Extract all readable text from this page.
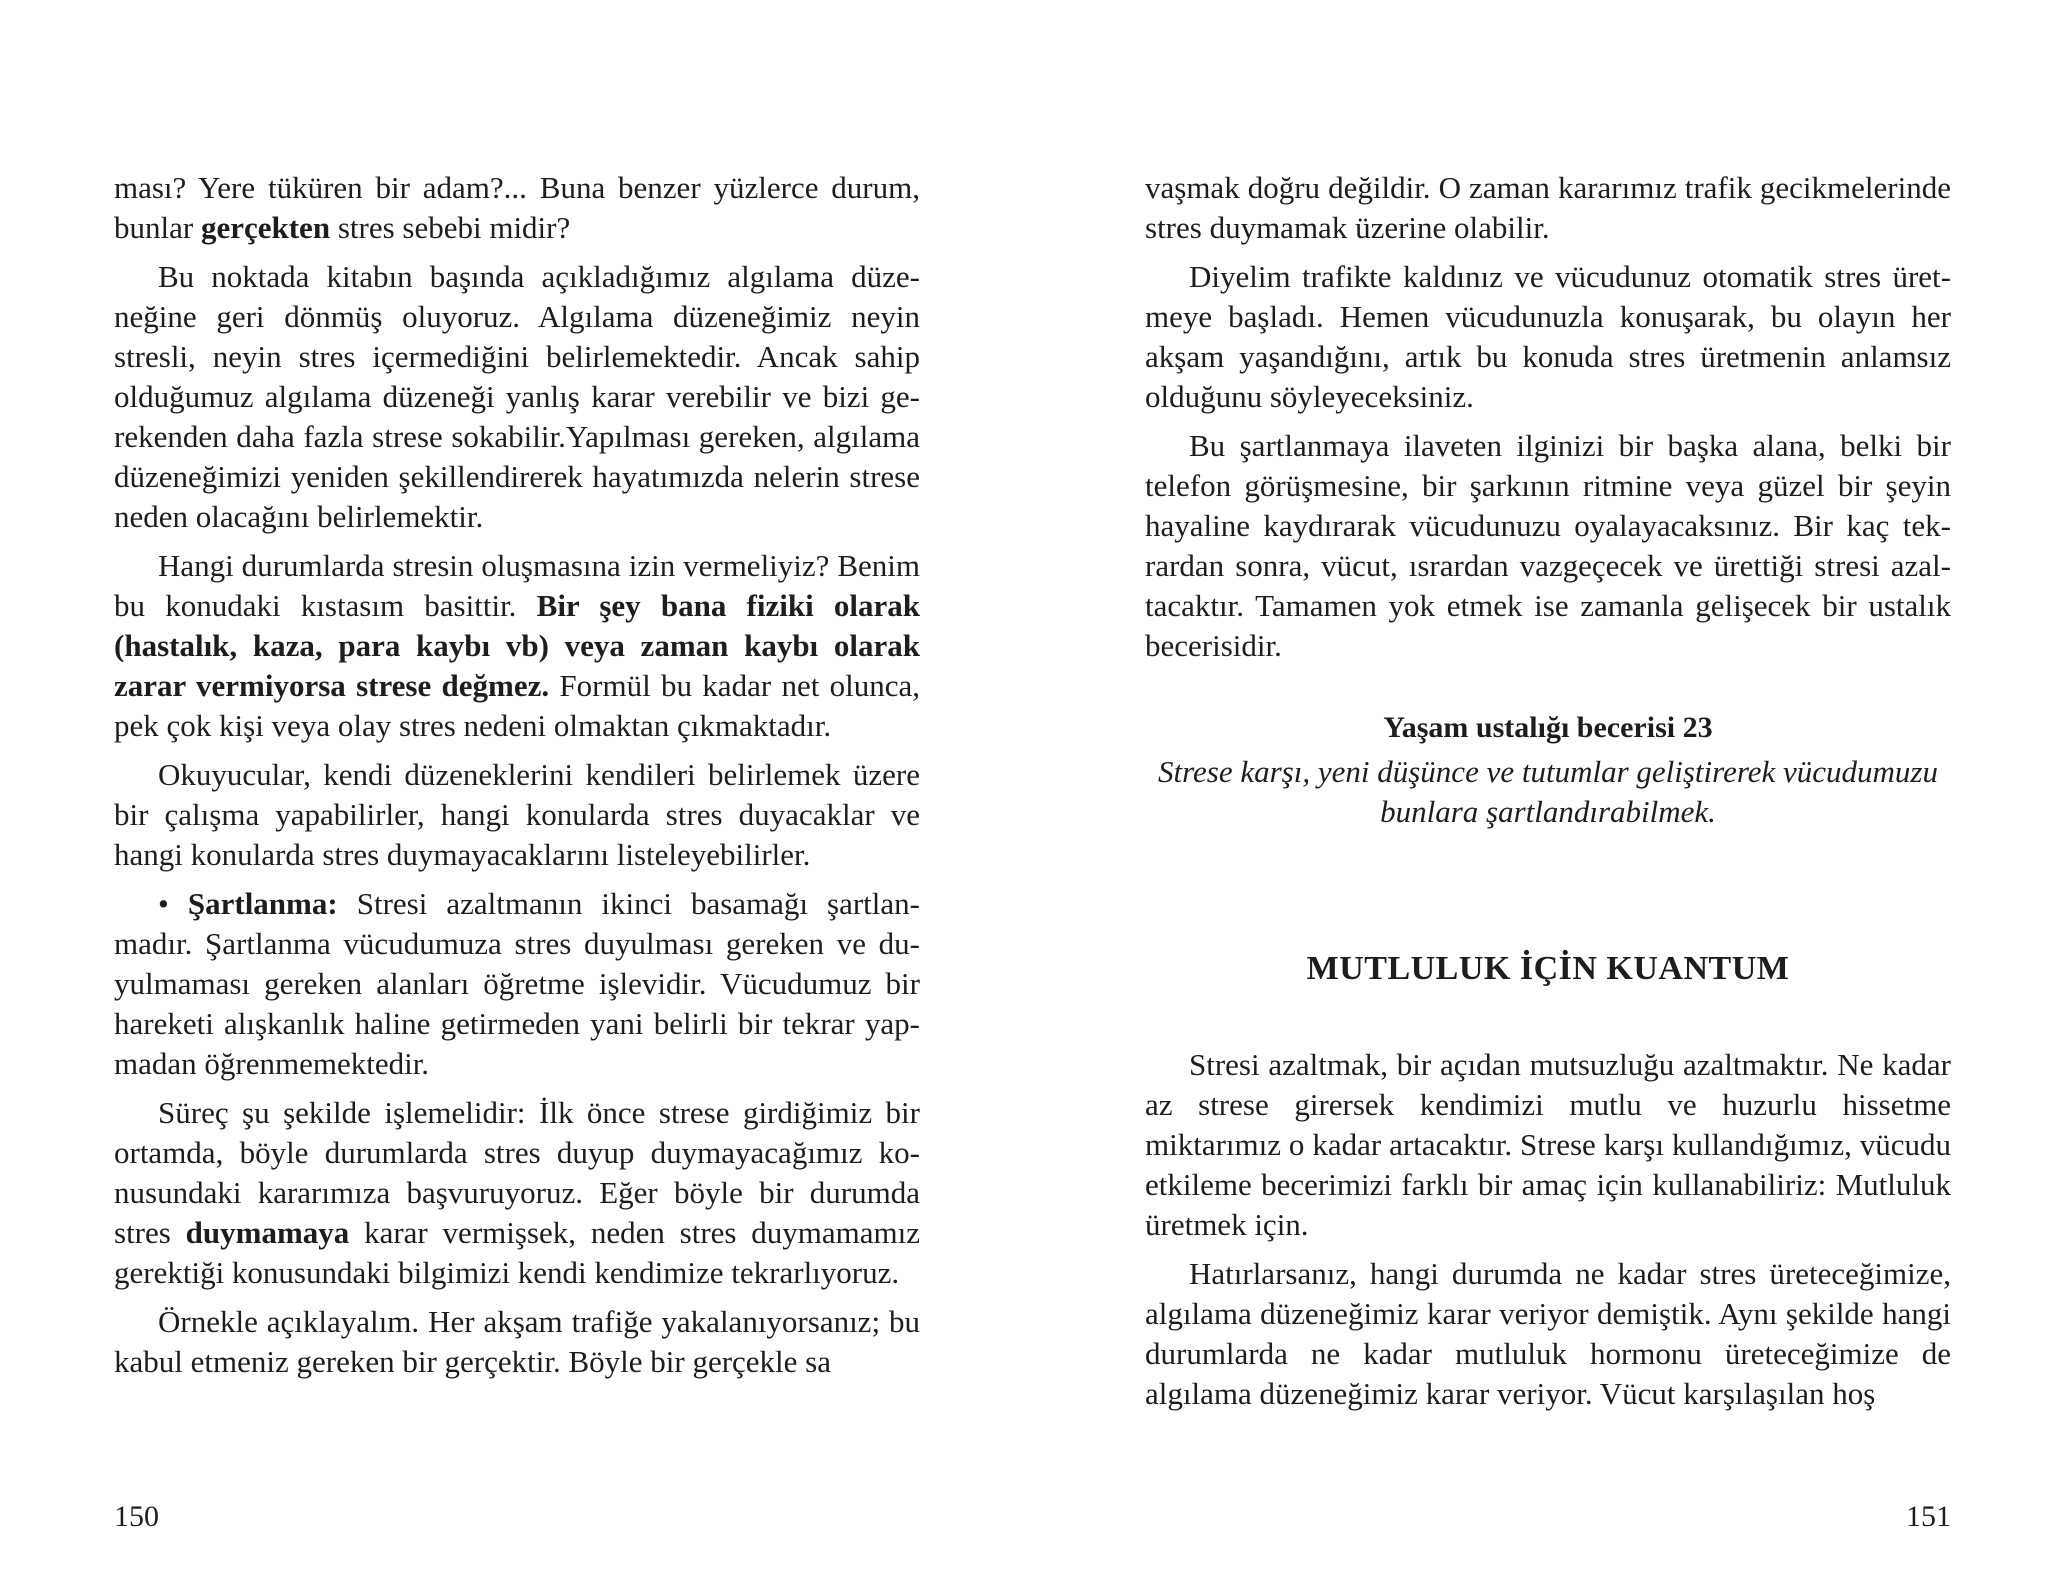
ması? Yere tüküren bir adam?... Buna benzer yüzlerce durum, bunlar gerçekten stres sebebi midir?

Bu noktada kitabın başında açıkladığımız algılama düzeneğine geri dönmüş oluyoruz. Algılama düzeneğimiz neyin stresli, neyin stres içermediğini belirlemektedir. Ancak sahip olduğumuz algılama düzeneği yanlış karar verebilir ve bizi gerekenden daha fazla strese sokabilir.Yapılması gereken, algılama düzeneğimizi yeniden şekillendirerek hayatımızda nelerin strese neden olacağını belirlemektir.

Hangi durumlarda stresin oluşmasına izin vermeliyiz? Benim bu konudaki kıstasım basittir. Bir şey bana fiziki olarak (hastalık, kaza, para kaybı vb) veya zaman kaybı olarak zarar vermiyorsa strese değmez. Formül bu kadar net olunca, pek çok kişi veya olay stres nedeni olmaktan çıkmaktadır.

Okuyucular, kendi düzeneklerini kendileri belirlemek üzere bir çalışma yapabilirler, hangi konularda stres duyacaklar ve hangi konularda stres duymayacaklarını listeleyebilirler.

• Şartlanma: Stresi azaltmanın ikinci basamağı şartlanmadır. Şartlanma vücudumuza stres duyulması gereken ve duyulmaması gereken alanları öğretme işlevidir. Vücudumuz bir hareketi alışkanlık haline getirmeden yani belirli bir tekrar yapmadan öğrenmemektedir.

Süreç şu şekilde işlemelidir: İlk önce strese girdiğimiz bir ortamda, böyle durumlarda stres duyup duymayacağımız konusundaki kararımıza başvuruyoruz. Eğer böyle bir durumda stres duymamaya karar vermişsek, neden stres duymamamız gerektiği konusundaki bilgimizi kendi kendimize tekrarlıyoruz.

Örnekle açıklayalım. Her akşam trafiğe yakalanıyorsanız; bu kabul etmeniz gereken bir gerçektir. Böyle bir gerçekle sa

150

vaşmak doğru değildir. O zaman kararımız trafik gecikmelerinde stres duymamak üzerine olabilir.

Diyelim trafikte kaldınız ve vücudunuz otomatik stres üretmeye başladı. Hemen vücudunuzla konuşarak, bu olayın her akşam yaşandığını, artık bu konuda stres üretmenin anlamsız olduğunu söyleyeceksiniz.

Bu şartlanmaya ilaveten ilginizi bir başka alana, belki bir telefon görüşmesine, bir şarkının ritmine veya güzel bir şeyin hayaline kaydırarak vücudunuzu oyalayacaksınız. Bir kaç tekrardan sonra, vücut, ısrardan vazgeçecek ve ürettiği stresi azaltacaktır. Tamamen yok etmek ise zamanla gelişecek bir ustalık becerisidir.

Yaşam ustalığı becerisi 23
Strese karşı, yeni düşünce ve tutumlar geliştirerek vücudumuzu bunlara şartlandırabilmek.
MUTLULUK İÇİN KUANTUM

Stresi azaltmak, bir açıdan mutsuzluğu azaltmaktır. Ne kadar az strese girersek kendimizi mutlu ve huzurlu hissetme miktarımız o kadar artacaktır. Strese karşı kullandığımız, vücudu etkileme becerimizi farklı bir amaç için kullanabiliriz: Mutluluk üretmek için.

Hatırlarsanız, hangi durumda ne kadar stres üreteceğimize, algılama düzeneğimiz karar veriyor demiştik. Aynı şekilde hangi durumlarda ne kadar mutluluk hormonu üreteceğimize de algılama düzeneğimiz karar veriyor. Vücut karşılaşılan hoş

151
